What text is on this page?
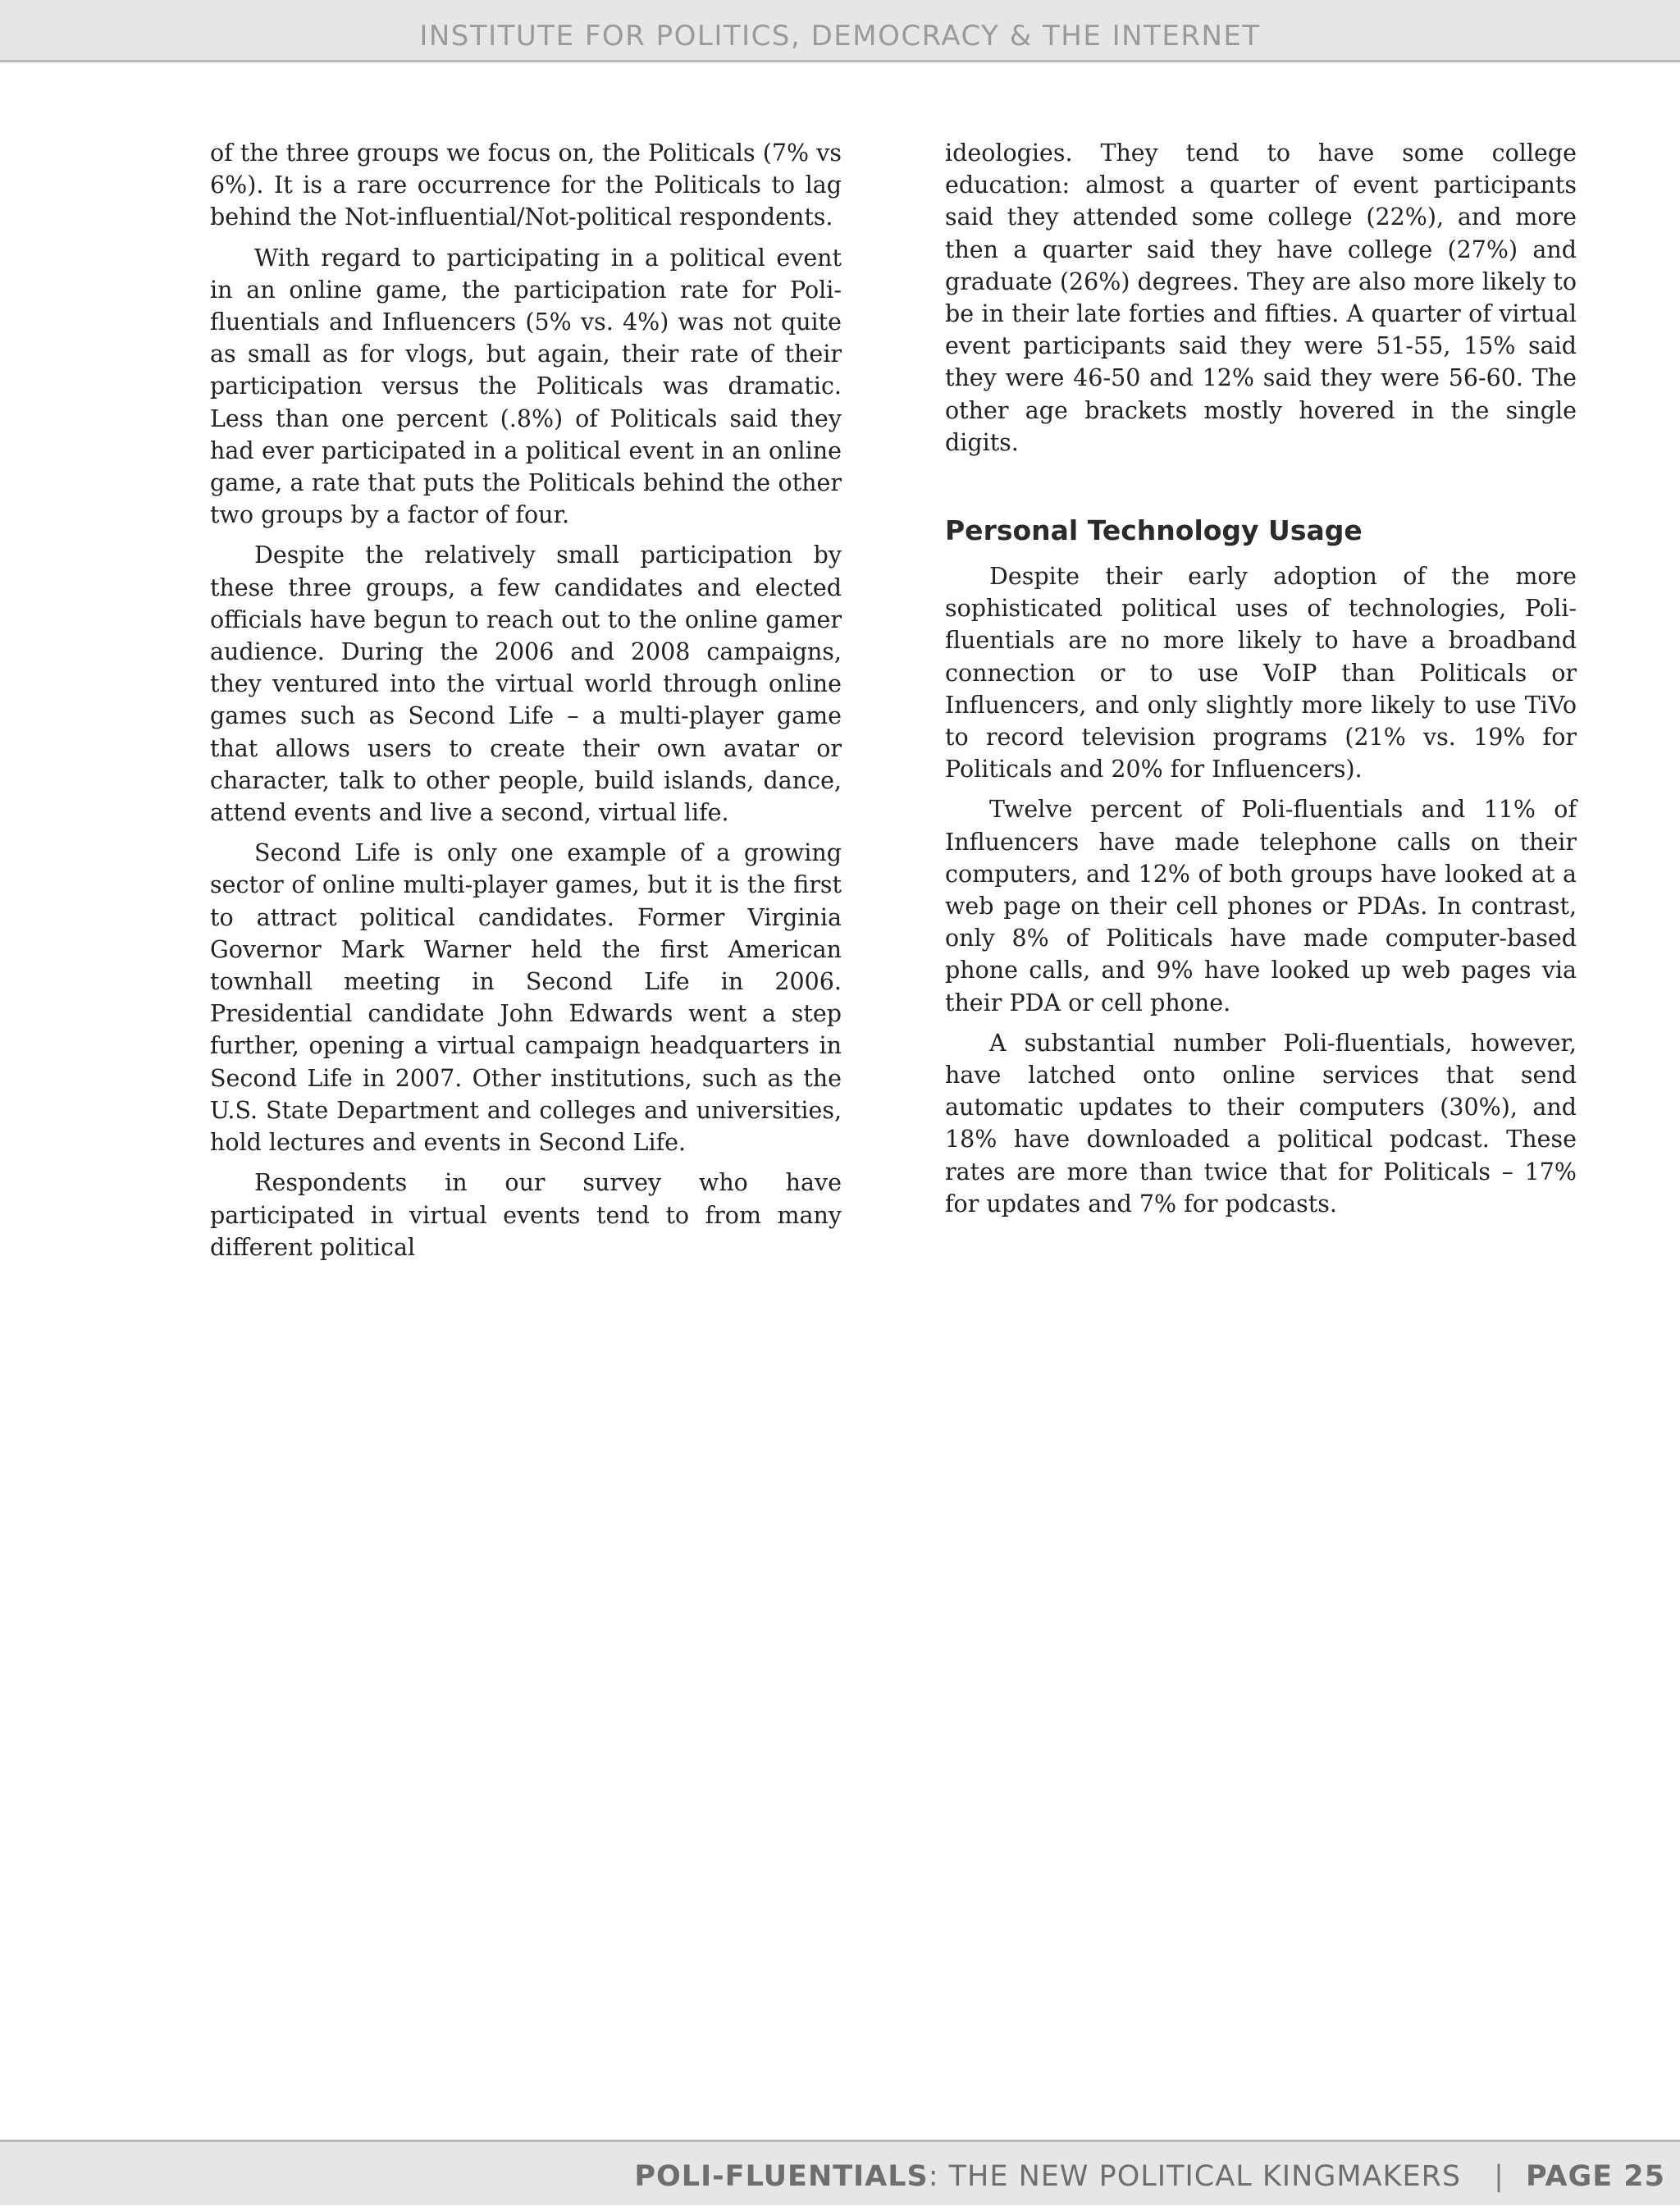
INSTITUTE FOR POLITICS, DEMOCRACY & THE INTERNET

of the three groups we focus on, the Politicals (7% vs 6%). It is a rare occurrence for the Politicals to lag behind the Not-influential/Not-political respondents.

With regard to participating in a political event in an online game, the participation rate for Poli-fluentials and Influencers (5% vs. 4%) was not quite as small as for vlogs, but again, their rate of their participation versus the Politicals was dramatic. Less than one percent (.8%) of Politicals said they had ever participated in a political event in an online game, a rate that puts the Politicals behind the other two groups by a factor of four.

Despite the relatively small participation by these three groups, a few candidates and elected officials have begun to reach out to the online gamer audience. During the 2006 and 2008 campaigns, they ventured into the virtual world through online games such as Second Life – a multi-player game that allows users to create their own avatar or character, talk to other people, build islands, dance, attend events and live a second, virtual life.

Second Life is only one example of a growing sector of online multi-player games, but it is the first to attract political candidates. Former Virginia Governor Mark Warner held the first American townhall meeting in Second Life in 2006. Presidential candidate John Edwards went a step further, opening a virtual campaign headquarters in Second Life in 2007. Other institutions, such as the U.S. State Department and colleges and universities, hold lectures and events in Second Life.

Respondents in our survey who have participated in virtual events tend to from many different political

ideologies. They tend to have some college education: almost a quarter of event participants said they attended some college (22%), and more then a quarter said they have college (27%) and graduate (26%) degrees. They are also more likely to be in their late forties and fifties. A quarter of virtual event participants said they were 51-55, 15% said they were 46-50 and 12% said they were 56-60. The other age brackets mostly hovered in the single digits.

Personal Technology Usage

Despite their early adoption of the more sophisticated political uses of technologies, Poli-fluentials are no more likely to have a broadband connection or to use VoIP than Politicals or Influencers, and only slightly more likely to use TiVo to record television programs (21% vs. 19% for Politicals and 20% for Influencers).

Twelve percent of Poli-fluentials and 11% of Influencers have made telephone calls on their computers, and 12% of both groups have looked at a web page on their cell phones or PDAs. In contrast, only 8% of Politicals have made computer-based phone calls, and 9% have looked up web pages via their PDA or cell phone.

A substantial number Poli-fluentials, however, have latched onto online services that send automatic updates to their computers (30%), and 18% have downloaded a political podcast. These rates are more than twice that for Politicals – 17% for updates and 7% for podcasts.

POLI-FLUENTIALS: THE NEW POLITICAL KINGMAKERS | PAGE 25
